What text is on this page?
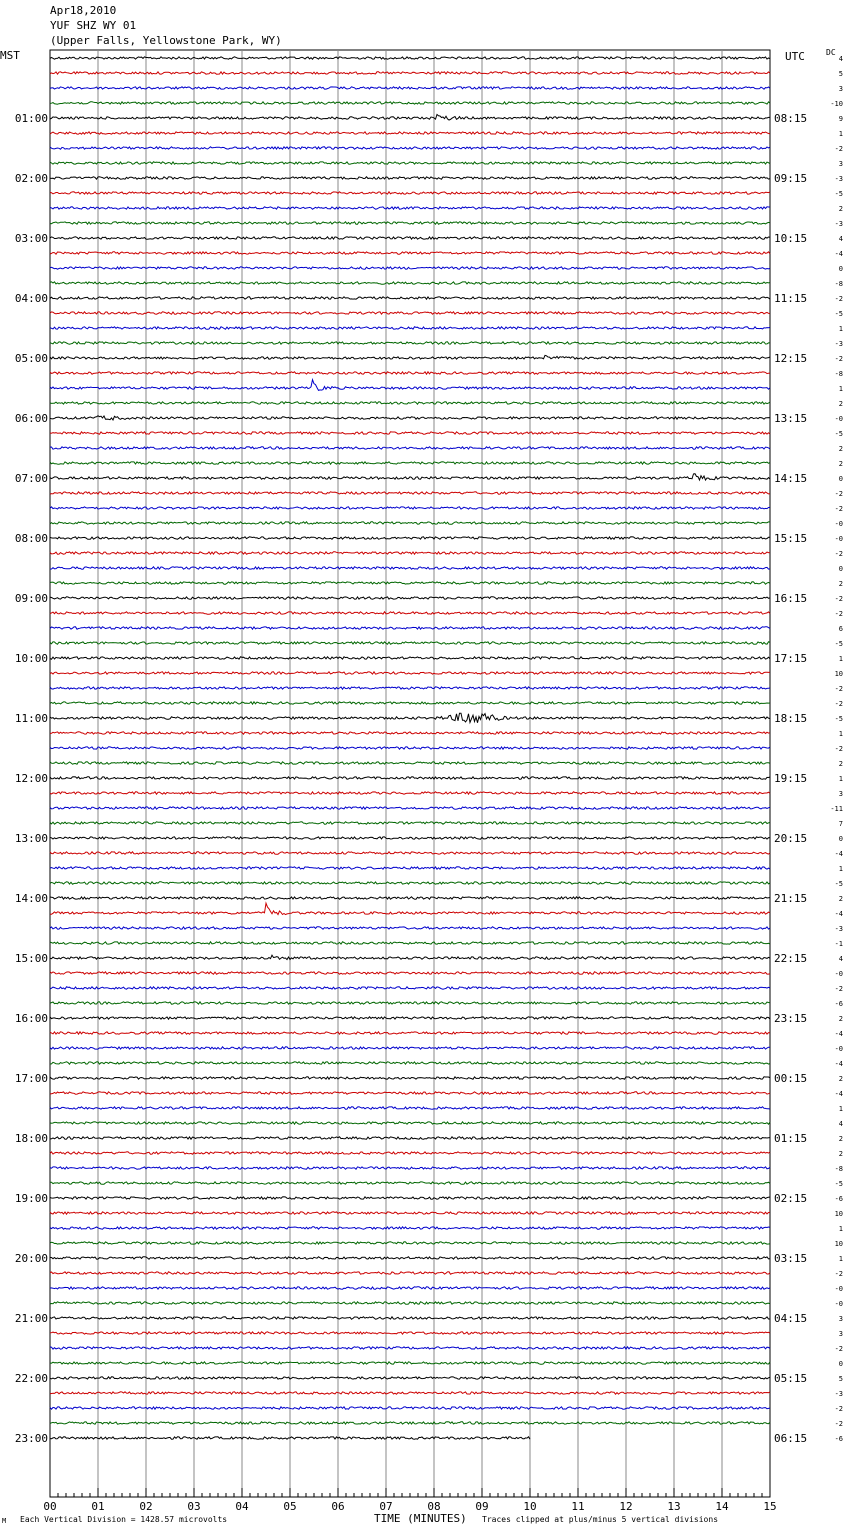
Apr18,2010
YUF SHZ WY 01
(Upper Falls, Yellowstone Park, WY)
MST	UTC	DC
4
5
3
-10
9
1
-2
3
-3
-5
2
-3
4
-4
0
-8
-2
-5
1
-3
-2
-8
1
2
-0
-5
2
2
0
-2
-2
-0
-0
-2
0
2
-2
-2
6
-5
1
10
-2
-2
-5
1
-2
2
1
3
-11
7
0
-4
1
-5
2
-4
-3
-1
4
-0
-2
-6
2
-4
-0
-4
2
-4
1
4
2
2
-8
-5
-6
10
1
10
1
-2
-0
-0
3
3
-2
0
5
-3
-2
-2
-6
01:00
02:00
03:00
04:00
05:00
06:00
07:00
08:00
09:00
10:00
11:00
12:00
13:00
14:00
15:00
16:00
17:00
18:00
19:00
20:00
21:00
22:00
23:00
08:15
09:15
10:15
11:15
12:15
13:15
14:15
15:15
16:15
17:15
18:15
19:15
20:15
21:15
22:15
23:15
00:15
01:15
02:15
03:15
04:15
05:15
06:15
00	01	02	03	04	05	06	07	08	09	10	11	12	13	14	15
M Each Vertical Division = 1428.57 microvolts	TIME (MINUTES) Traces clipped at plus/minus 5 vertical divisions
